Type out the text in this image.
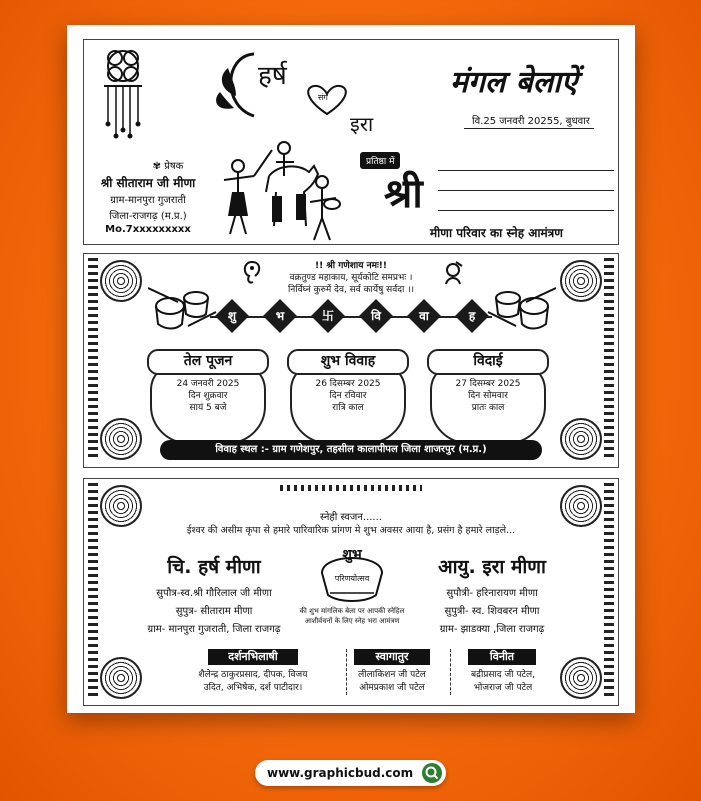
हर्ष
संग
इरा
मंगल बेलाऐं
वि.25 जनवरी 20255, बुधवार
✾ प्रेषक
श्री सीताराम जी मीणा
ग्राम-मानपुरा गुजराती
जिला-राजगढ़ (म.प्र.)
Mo.7xxxxxxxxx
प्रतिष्ठा में
श्री
मीणा परिवार का स्नेह आमंत्रण
!! श्री गणेशाय नमः!!
वक्रतुण्ड महाकाय, सूर्यकोटि समप्रभः ।
निर्विघ्नं कुरुमें देव, सर्व कार्येषु सर्वदा ।।
शु	भ	卐	वि	वा	ह
तेल पूजन
24 जनवरी 2025
दिन शुक्रवार
सायं 5 बजे
शुभ विवाह
26 दिसम्बर 2025
दिन रविवार
रात्रि काल
विदाई
27 दिसम्बर 2025
दिन सोमवार
प्रातः काल
विवाह स्थल :- ग्राम गणेशपुर, तहसील कालापीपल जिला शाजरपुर (म.प्र.)
स्नेही स्वजन......
ईश्वर की असीम कृपा से हमारे पारिवारिक प्रांगण मे शुभ अवसर आया है, प्रसंग है हमारे लाड़ले...
चि. हर्ष मीणा
सुपौत्र-स्व.श्री गौरिलाल जी मीणा
सुपुत्र- सीताराम मीणा
ग्राम- मानपुरा गुजराती, जिला राजगढ़
शुभ
परिणयोत्सव
की शुभ मांगलिक बेला पर आपकी स्नेहिल
आशीर्वचनों के लिए स्नेह भरा आमंत्रण
आयु. इरा मीणा
सुपौत्री- हरिनारायण मीणा
सुपुत्री- स्व. शिवबरन मीणा
ग्राम- झाडक्या ,जिला राजगढ़
दर्शनभिलाषी
शैलेन्द्र ठाकुरप्रसाद, दीपक, विजय
उदित, अभिषेक, दर्श पाटीदार।
स्वागातुर
लीलाकिशन जी पटेल
ओमप्रकाश जी पटेल
विनीत
बद्रीप्रसाद जी पटेल,
भोजराज जी पटेल
www.graphicbud.com
